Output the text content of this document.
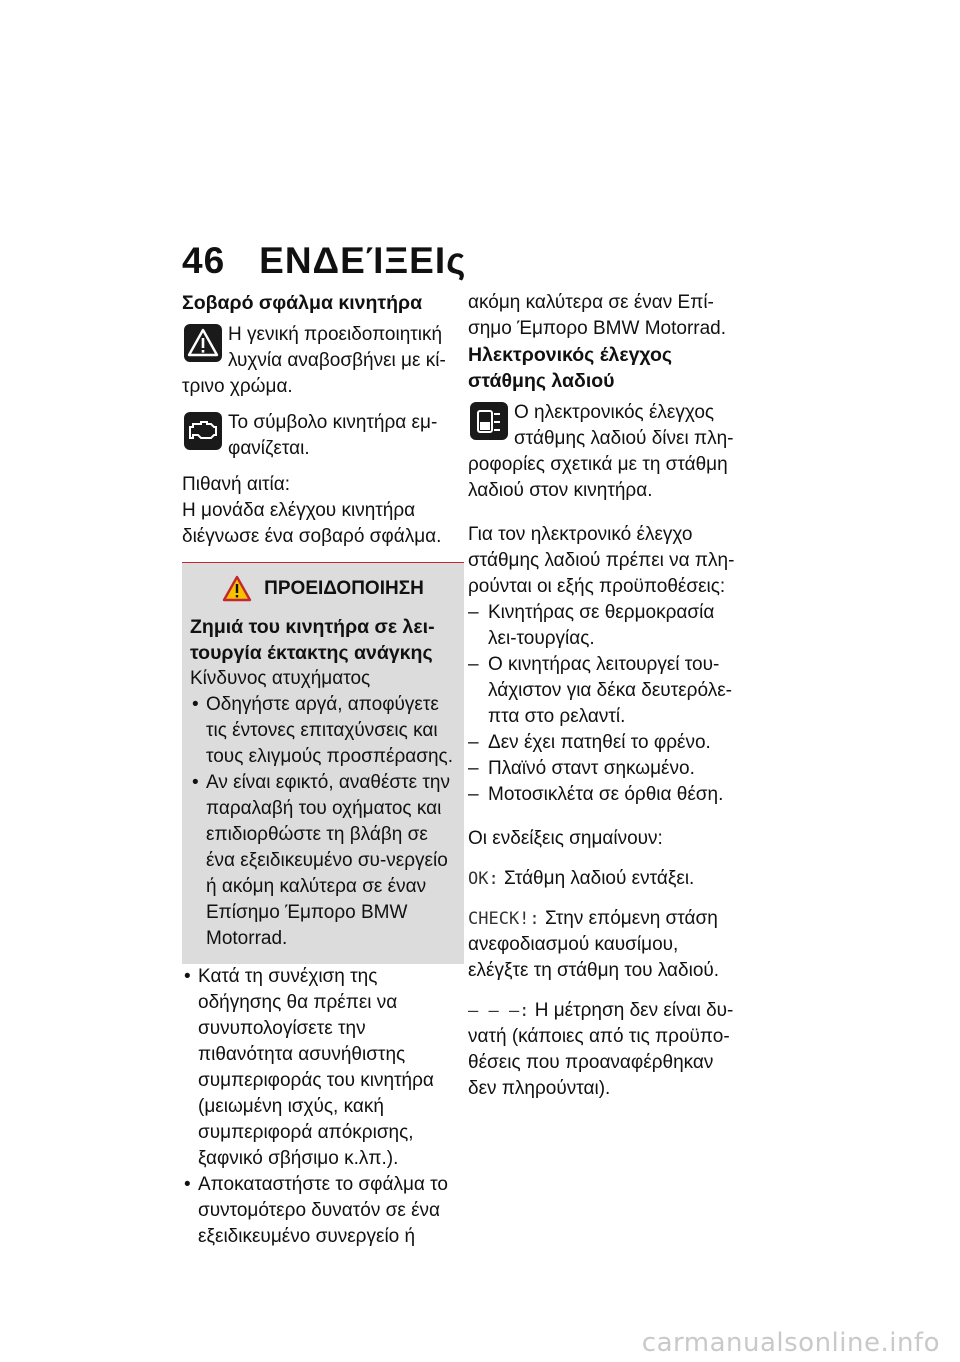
46 ΕΝΔΕΊΞΕΙς
Σοβαρό σφάλμα κινητήρα

Η γενική προειδοποιητική λυχνία αναβοσβήνει με κί-

τρινο χρώμα.

Το σύμβολο κινητήρα εμ-φανίζεται.

Πιθανή αιτία:

Η μονάδα ελέγχου κινητήρα διέγνωσε ένα σοβαρό σφάλμα.

ΠΡΟΕΙΔΟΠΟΙΗΣΗ

Ζημιά του κινητήρα σε λει-τουργία έκτακτης ανάγκης

Κίνδυνος ατυχήματος

• Οδηγήστε αργά, αποφύγετε τις έντονες επιταχύνσεις και τους ελιγμούς προσπέρασης.
• Αν είναι εφικτό, αναθέστε την παραλαβή του οχήματος και επιδιορθώστε τη βλάβη σε ένα εξειδικευμένο συ-νεργείο ή ακόμη καλύτερα σε έναν Επίσημο Έμπορο BMW Motorrad.
• Κατά τη συνέχιση της οδήγησης θα πρέπει να συνυπολογίσετε την πιθανότητα ασυνήθιστης συμπεριφοράς του κινητήρα (μειωμένη ισχύς, κακή συμπεριφορά απόκρισης, ξαφνικό σβήσιμο κ.λπ.).
• Αποκαταστήστε το σφάλμα το συντομότερο δυνατόν σε ένα εξειδικευμένο συνεργείο ή

ακόμη καλύτερα σε έναν Επί-σημο Έμπορο BMW Motorrad.

Ηλεκτρονικός έλεγχος στάθμης λαδιού

Ο ηλεκτρονικός έλεγχος στάθμης λαδιού δίνει πλη-

ροφορίες σχετικά με τη στάθμη λαδιού στον κινητήρα.

Για τον ηλεκτρονικό έλεγχο στάθμης λαδιού πρέπει να πλη-ρούνται οι εξής προϋποθέσεις:

– Κινητήρας σε θερμοκρασία λει-τουργίας.
– Ο κινητήρας λειτουργεί του-λάχιστον για δέκα δευτερόλε-πτα στο ρελαντί.
– Δεν έχει πατηθεί το φρένο.
– Πλαϊνό σταντ σηκωμένο.
– Μοτοσικλέτα σε όρθια θέση.

Οι ενδείξεις σημαίνουν:

OK: Στάθμη λαδιού εντάξει.

CHECK!: Στην επόμενη στάση ανεφοδιασμού καυσίμου, ελέγξτε τη στάθμη του λαδιού.

– – –: Η μέτρηση δεν είναι δυ-νατή (κάποιες από τις προϋπο-θέσεις που προαναφέρθηκαν δεν πληρούνται).

carmanualsonline.info
